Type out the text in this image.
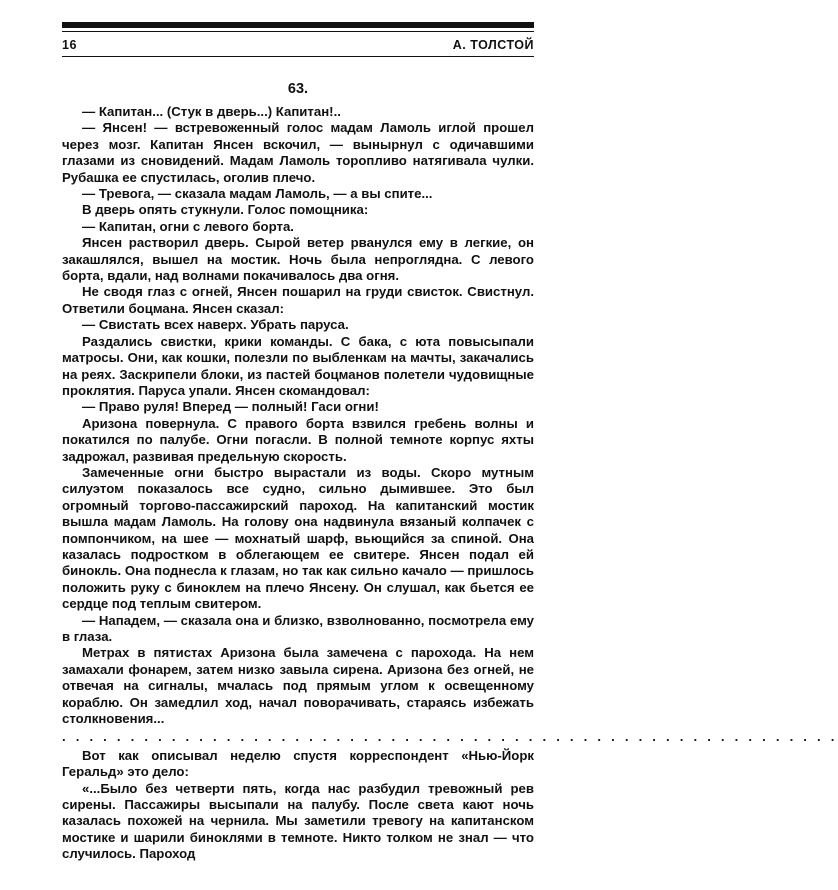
16	А. ТОЛСТОЙ
63.

— Капитан... (Стук в дверь...) Капитан!..

— Янсен! — встревоженный голос мадам Ламоль иглой прошел через мозг. Капитан Янсен вскочил, — вынырнул с одичавшими глазами из сновидений. Мадам Ламоль торопливо натягивала чулки. Рубашка ее спустилась, оголив плечо.

— Тревога, — сказала мадам Ламоль, — а вы спите...

В дверь опять стукнули. Голос помощника:

— Капитан, огни с левого борта.

Янсен растворил дверь. Сырой ветер рванулся ему в легкие, он закашлялся, вышел на мостик. Ночь была непроглядна. С левого борта, вдали, над волнами покачивалось два огня.

Не сводя глаз с огней, Янсен пошарил на груди свисток. Свистнул. Ответили боцмана. Янсен сказал:

— Свистать всех наверх. Убрать паруса.

Раздались свистки, крики команды. С бака, с юта повысыпали матросы. Они, как кошки, полезли по выбленкам на мачты, закачались на реях. Заскрипели блоки, из пастей боцманов полетели чудовищные проклятия. Паруса упали. Янсен скомандовал:

— Право руля! Вперед — полный! Гаси огни!

Аризона повернула. С правого борта взвился гребень волны и покатился по палубе. Огни погасли. В полной темноте корпус яхты задрожал, развивая предельную скорость.

Замеченные огни быстро вырастали из воды. Скоро мутным силуэтом показалось все судно, сильно дымившее. Это был огромный торгово-пассажирский пароход. На капитанский мостик вышла мадам Ламоль. На голову она надвинула вязаный колпачек с помпончиком, на шее — мохнатый шарф, вьющийся за спиной. Она казалась подростком в облегающем ее свитере. Янсен подал ей бинокль. Она поднесла к глазам, но так как сильно качало — пришлось положить руку с биноклем на плечо Янсену. Он слушал, как бьется ее сердце под теплым свитером.

— Нападем, — сказала она и близко, взволнованно, посмотрела ему в глаза.

Метрах в пятистах Аризона была замечена с парохода. На нем замахали фонарем, затем низко завыла сирена. Аризона без огней, не отвечая на сигналы, мчалась под прямым углом к освещенному кораблю. Он замедлил ход, начал поворачивать, стараясь избежать столкновения...

. . . . . . . . . . . . . . . . . . . . . . . . . . . . . . . . . . . . . . . . . . . . . . . . . . . . . . . . .

Вот как описывал неделю спустя корреспондент «Нью-Йорк Геральд» это дело:

«...Было без четверти пять, когда нас разбудил тревожный рев сирены. Пассажиры высыпали на палубу. После света кают ночь казалась похожей на чернила. Мы заметили тревогу на капитанском мостике и шарили биноклями в темноте. Никто толком не знал — что случилось. Пароход
